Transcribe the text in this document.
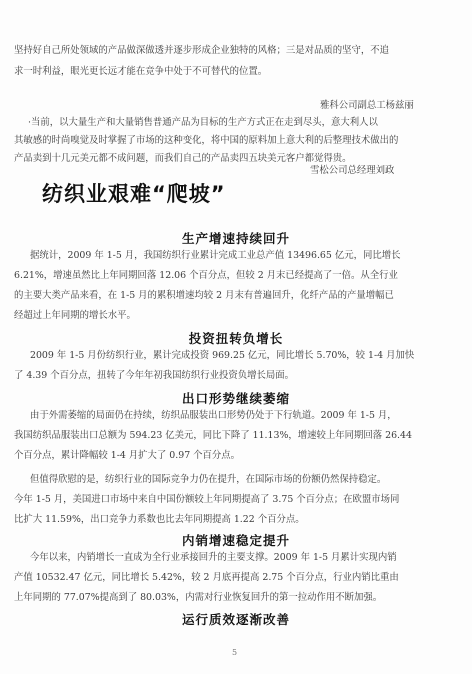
坚持好自己所处领域的产品做深做透并逐步形成企业独特的风格；三是对品质的坚守，不追
求一时利益，眼光更长远才能在竞争中处于不可替代的位置。
雅科公司副总工杨兹丽
·当前，以大量生产和大量销售普通产品为目标的生产方式正在走到尽头，意大利人以
其敏感的时尚嗅觉及时掌握了市场的这种变化，将中国的原料加上意大利的后整理技术做出的
产品卖到十几元美元都不成问题，而我们自己的产品卖四五块美元客户都觉得贵。
雪松公司总经理刘政
纺织业艰难“爬坡”
生产增速持续回升
据统计，2009 年 1-5 月，我国纺织行业累计完成工业总产值 13496.65 亿元，同比增长
6.21%，增速虽然比上年同期回落 12.06 个百分点，但较 2 月末已经提高了一倍。从全行业
的主要大类产品来看，在 1-5 月的累积增速均较 2 月末有普遍回升，化纤产品的产量增幅已
经超过上年同期的增长水平。
投资扭转负增长
2009 年 1-5 月份纺织行业，累计完成投资 969.25 亿元，同比增长 5.70%，较 1-4 月加快
了 4.39 个百分点，扭转了今年年初我国纺织行业投资负增长局面。
出口形势继续萎缩
由于外需萎缩的局面仍在持续，纺织品服装出口形势仍处于下行轨道。2009 年 1-5 月，
我国纺织品服装出口总额为 594.23 亿美元，同比下降了 11.13%，增速较上年同期回落 26.44
个百分点，累计降幅较 1-4 月扩大了 0.97 个百分点。
但值得欣慰的是，纺织行业的国际竞争力仍在提升，在国际市场的份额仍然保持稳定。
今年 1-5 月，美国进口市场中来自中国份额较上年同期提高了 3.75 个百分点；在欧盟市场同
比扩大 11.59%，出口竞争力系数也比去年同期提高 1.22 个百分点。
内销增速稳定提升
今年以来，内销增长一直成为全行业承接回升的主要支撑。2009 年 1-5 月累计实现内销
产值 10532.47 亿元，同比增长 5.42%，较 2 月底再提高 2.75 个百分点，行业内销比重由
上年同期的 77.07%提高到了 80.03%，内需对行业恢复回升的第一拉动作用不断加强。
运行质效逐渐改善
5
